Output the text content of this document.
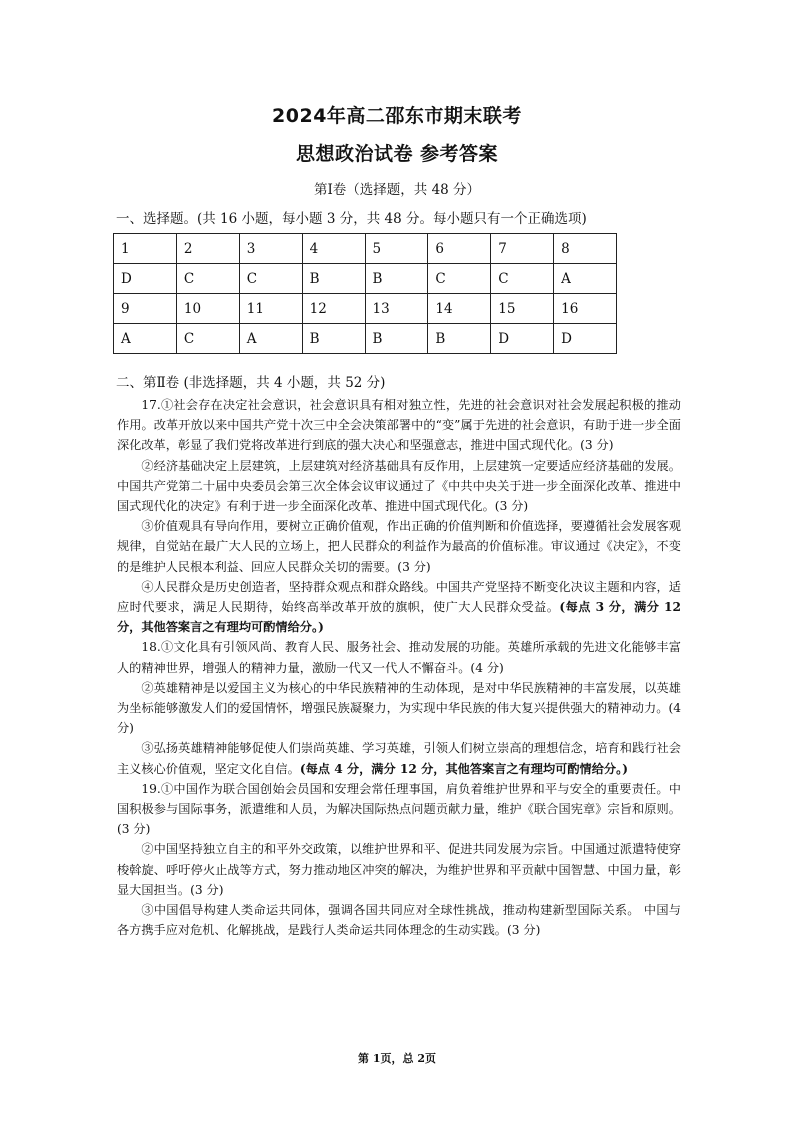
2024年高二邵东市期末联考
思想政治试卷 参考答案
第Ⅰ卷（选择题，共 48 分）
一、选择题。(共 16 小题，每小题 3 分，共 48 分。每小题只有一个正确选项)
1	2	3	4	5	6	7	8
D	C	C	B	B	C	C	A
9	10	11	12	13	14	15	16
A	C	A	B	B	B	D	D
二、第Ⅱ卷 (非选择题，共 4 小题，共 52 分)

17.①社会存在决定社会意识，社会意识具有相对独立性，先进的社会意识对社会发展起积极的推动作用。改革开放以来中国共产党十次三中全会决策部署中的“变”属于先进的社会意识，有助于进一步全面深化改革，彰显了我们党将改革进行到底的强大决心和坚强意志，推进中国式现代化。(3 分)

②经济基础决定上层建筑，上层建筑对经济基础具有反作用，上层建筑一定要适应经济基础的发展。中国共产党第二十届中央委员会第三次全体会议审议通过了《中共中央关于进一步全面深化改革、推进中国式现代化的决定》有利于进一步全面深化改革、推进中国式现代化。(3 分)

③价值观具有导向作用，要树立正确价值观，作出正确的价值判断和价值选择，要遵循社会发展客观规律，自觉站在最广大人民的立场上，把人民群众的利益作为最高的价值标准。审议通过《决定》，不变的是维护人民根本利益、回应人民群众关切的需要。(3 分)

④人民群众是历史创造者，坚持群众观点和群众路线。中国共产党坚持不断变化决议主题和内容，适应时代要求，满足人民期待，始终高举改革开放的旗帜，使广大人民群众受益。(每点 3 分，满分 12 分，其他答案言之有理均可酌情给分。)

18.①文化具有引领风尚、教育人民、服务社会、推动发展的功能。英雄所承载的先进文化能够丰富人的精神世界，增强人的精神力量，激励一代又一代人不懈奋斗。(4 分)

②英雄精神是以爱国主义为核心的中华民族精神的生动体现，是对中华民族精神的丰富发展，以英雄为坐标能够激发人们的爱国情怀，增强民族凝聚力，为实现中华民族的伟大复兴提供强大的精神动力。(4 分)

③弘扬英雄精神能够促使人们崇尚英雄、学习英雄，引领人们树立崇高的理想信念，培育和践行社会主义核心价值观，坚定文化自信。(每点 4 分，满分 12 分，其他答案言之有理均可酌情给分。)

19.①中国作为联合国创始会员国和安理会常任理事国，肩负着维护世界和平与安全的重要责任。中国积极参与国际事务，派遣维和人员，为解决国际热点问题贡献力量，维护《联合国宪章》宗旨和原则。(3 分)

②中国坚持独立自主的和平外交政策，以维护世界和平、促进共同发展为宗旨。中国通过派遣特使穿梭斡旋、呼吁停火止战等方式，努力推动地区冲突的解决，为维护世界和平贡献中国智慧、中国力量，彰显大国担当。(3 分)

③中国倡导构建人类命运共同体，强调各国共同应对全球性挑战，推动构建新型国际关系。 中国与各方携手应对危机、化解挑战，是践行人类命运共同体理念的生动实践。(3 分)

第 1页，总 2页
